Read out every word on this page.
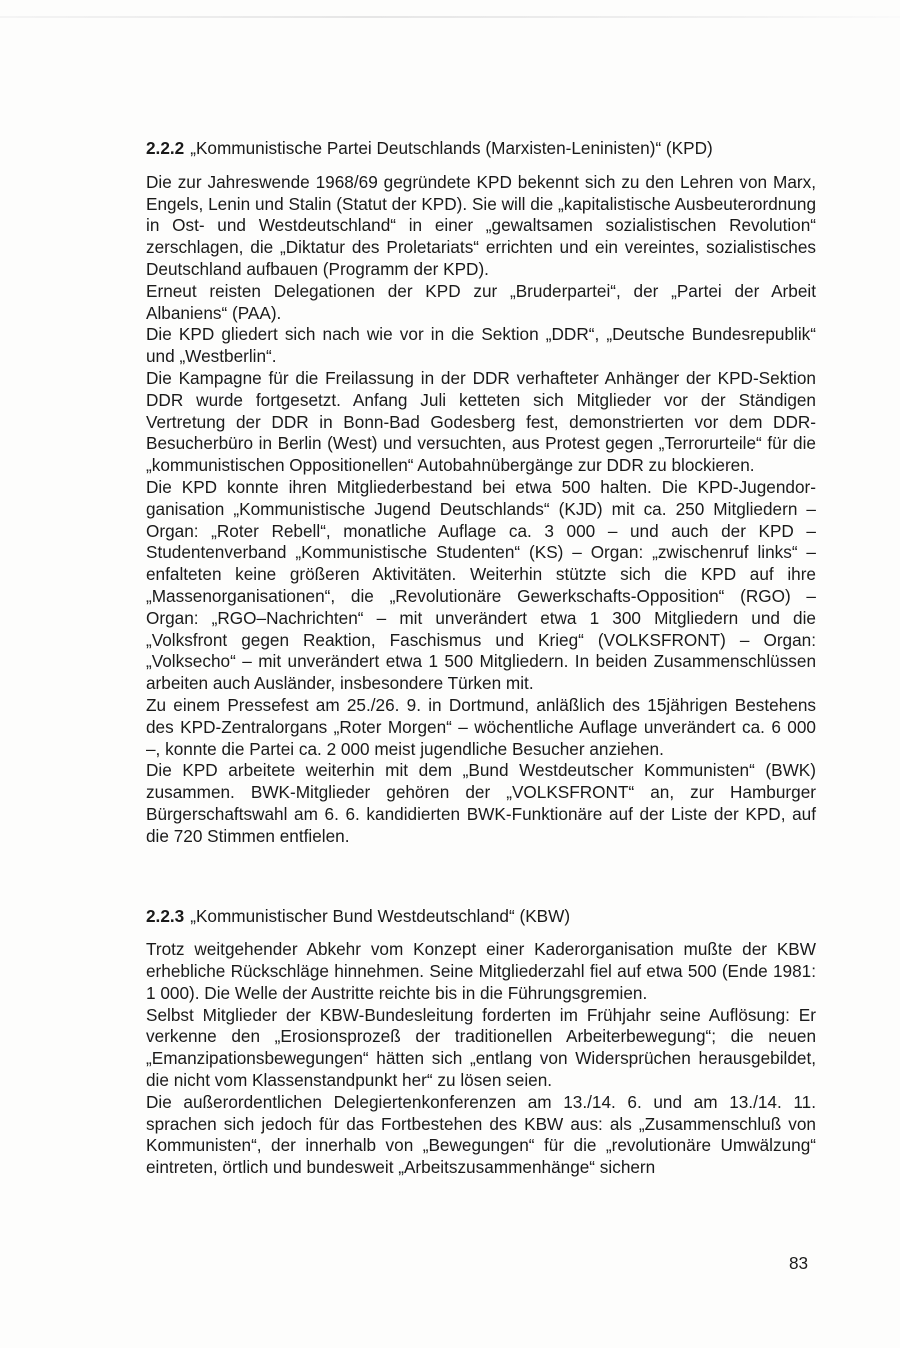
2.2.2 „Kommunistische Partei Deutschlands (Marxisten-Leninisten)“ (KPD)

Die zur Jahreswende 1968/69 gegründete KPD bekennt sich zu den Lehren von Marx, Engels, Lenin und Stalin (Statut der KPD). Sie will die „kapitalistische Ausbeuterordnung in Ost- und Westdeutschland“ in einer „gewaltsamen sozialistischen Revolution“ zerschlagen, die „Diktatur des Proletariats“ errichten und ein vereintes, sozialistisches Deutschland aufbauen (Programm der KPD).

Erneut reisten Delegationen der KPD zur „Bruderpartei“, der „Partei der Arbeit Albaniens“ (PAA).

Die KPD gliedert sich nach wie vor in die Sektion „DDR“, „Deutsche Bundesrepublik“ und „Westberlin“.

Die Kampagne für die Freilassung in der DDR verhafteter Anhänger der KPD-Sektion DDR wurde fortgesetzt. Anfang Juli ketteten sich Mitglieder vor der Ständigen Vertretung der DDR in Bonn-Bad Godesberg fest, demonstrierten vor dem DDR-Besucherbüro in Berlin (West) und versuchten, aus Protest gegen „Terrorurteile“ für die „kommunistischen Oppositionellen“ Autobahnübergänge zur DDR zu blockieren.

Die KPD konnte ihren Mitgliederbestand bei etwa 500 halten. Die KPD-Jugendorganisation „Kommunistische Jugend Deutschlands“ (KJD) mit ca. 250 Mitgliedern – Organ: „Roter Rebell“, monatliche Auflage ca. 3 000 – und auch der KPD – Studentenverband „Kommunistische Studenten“ (KS) – Organ: „zwischenruf links“ – enfalteten keine größeren Aktivitäten. Weiterhin stützte sich die KPD auf ihre „Massenorganisationen“, die „Revolutionäre Gewerkschafts-Opposition“ (RGO) – Organ: „RGO–Nachrichten“ – mit unverändert etwa 1 300 Mitgliedern und die „Volksfront gegen Reaktion, Faschismus und Krieg“ (VOLKSFRONT) – Organ: „Volksecho“ – mit unverändert etwa 1 500 Mitgliedern. In beiden Zusammenschlüssen arbeiten auch Ausländer, insbesondere Türken mit.

Zu einem Pressefest am 25./26. 9. in Dortmund, anläßlich des 15jährigen Bestehens des KPD-Zentralorgans „Roter Morgen“ – wöchentliche Auflage unverändert ca. 6 000 –, konnte die Partei ca. 2 000 meist jugendliche Besucher anziehen.

Die KPD arbeitete weiterhin mit dem „Bund Westdeutscher Kommunisten“ (BWK) zusammen. BWK-Mitglieder gehören der „VOLKSFRONT“ an, zur Hamburger Bürgerschaftswahl am 6. 6. kandidierten BWK-Funktionäre auf der Liste der KPD, auf die 720 Stimmen entfielen.

2.2.3 „Kommunistischer Bund Westdeutschland“ (KBW)

Trotz weitgehender Abkehr vom Konzept einer Kaderorganisation mußte der KBW erhebliche Rückschläge hinnehmen. Seine Mitgliederzahl fiel auf etwa 500 (Ende 1981: 1 000). Die Welle der Austritte reichte bis in die Führungsgremien.

Selbst Mitglieder der KBW-Bundesleitung forderten im Frühjahr seine Auflösung: Er verkenne den „Erosionsprozeß der traditionellen Arbeiterbewegung“; die neuen „Emanzipationsbewegungen“ hätten sich „entlang von Widersprüchen herausgebildet, die nicht vom Klassenstandpunkt her“ zu lösen seien.

Die außerordentlichen Delegiertenkonferenzen am 13./14. 6. und am 13./14. 11. sprachen sich jedoch für das Fortbestehen des KBW aus: als „Zusammenschluß von Kommunisten“, der innerhalb von „Bewegungen“ für die „revolutionäre Umwälzung“ eintreten, örtlich und bundesweit „Arbeitszusammenhänge“ sichern

83
